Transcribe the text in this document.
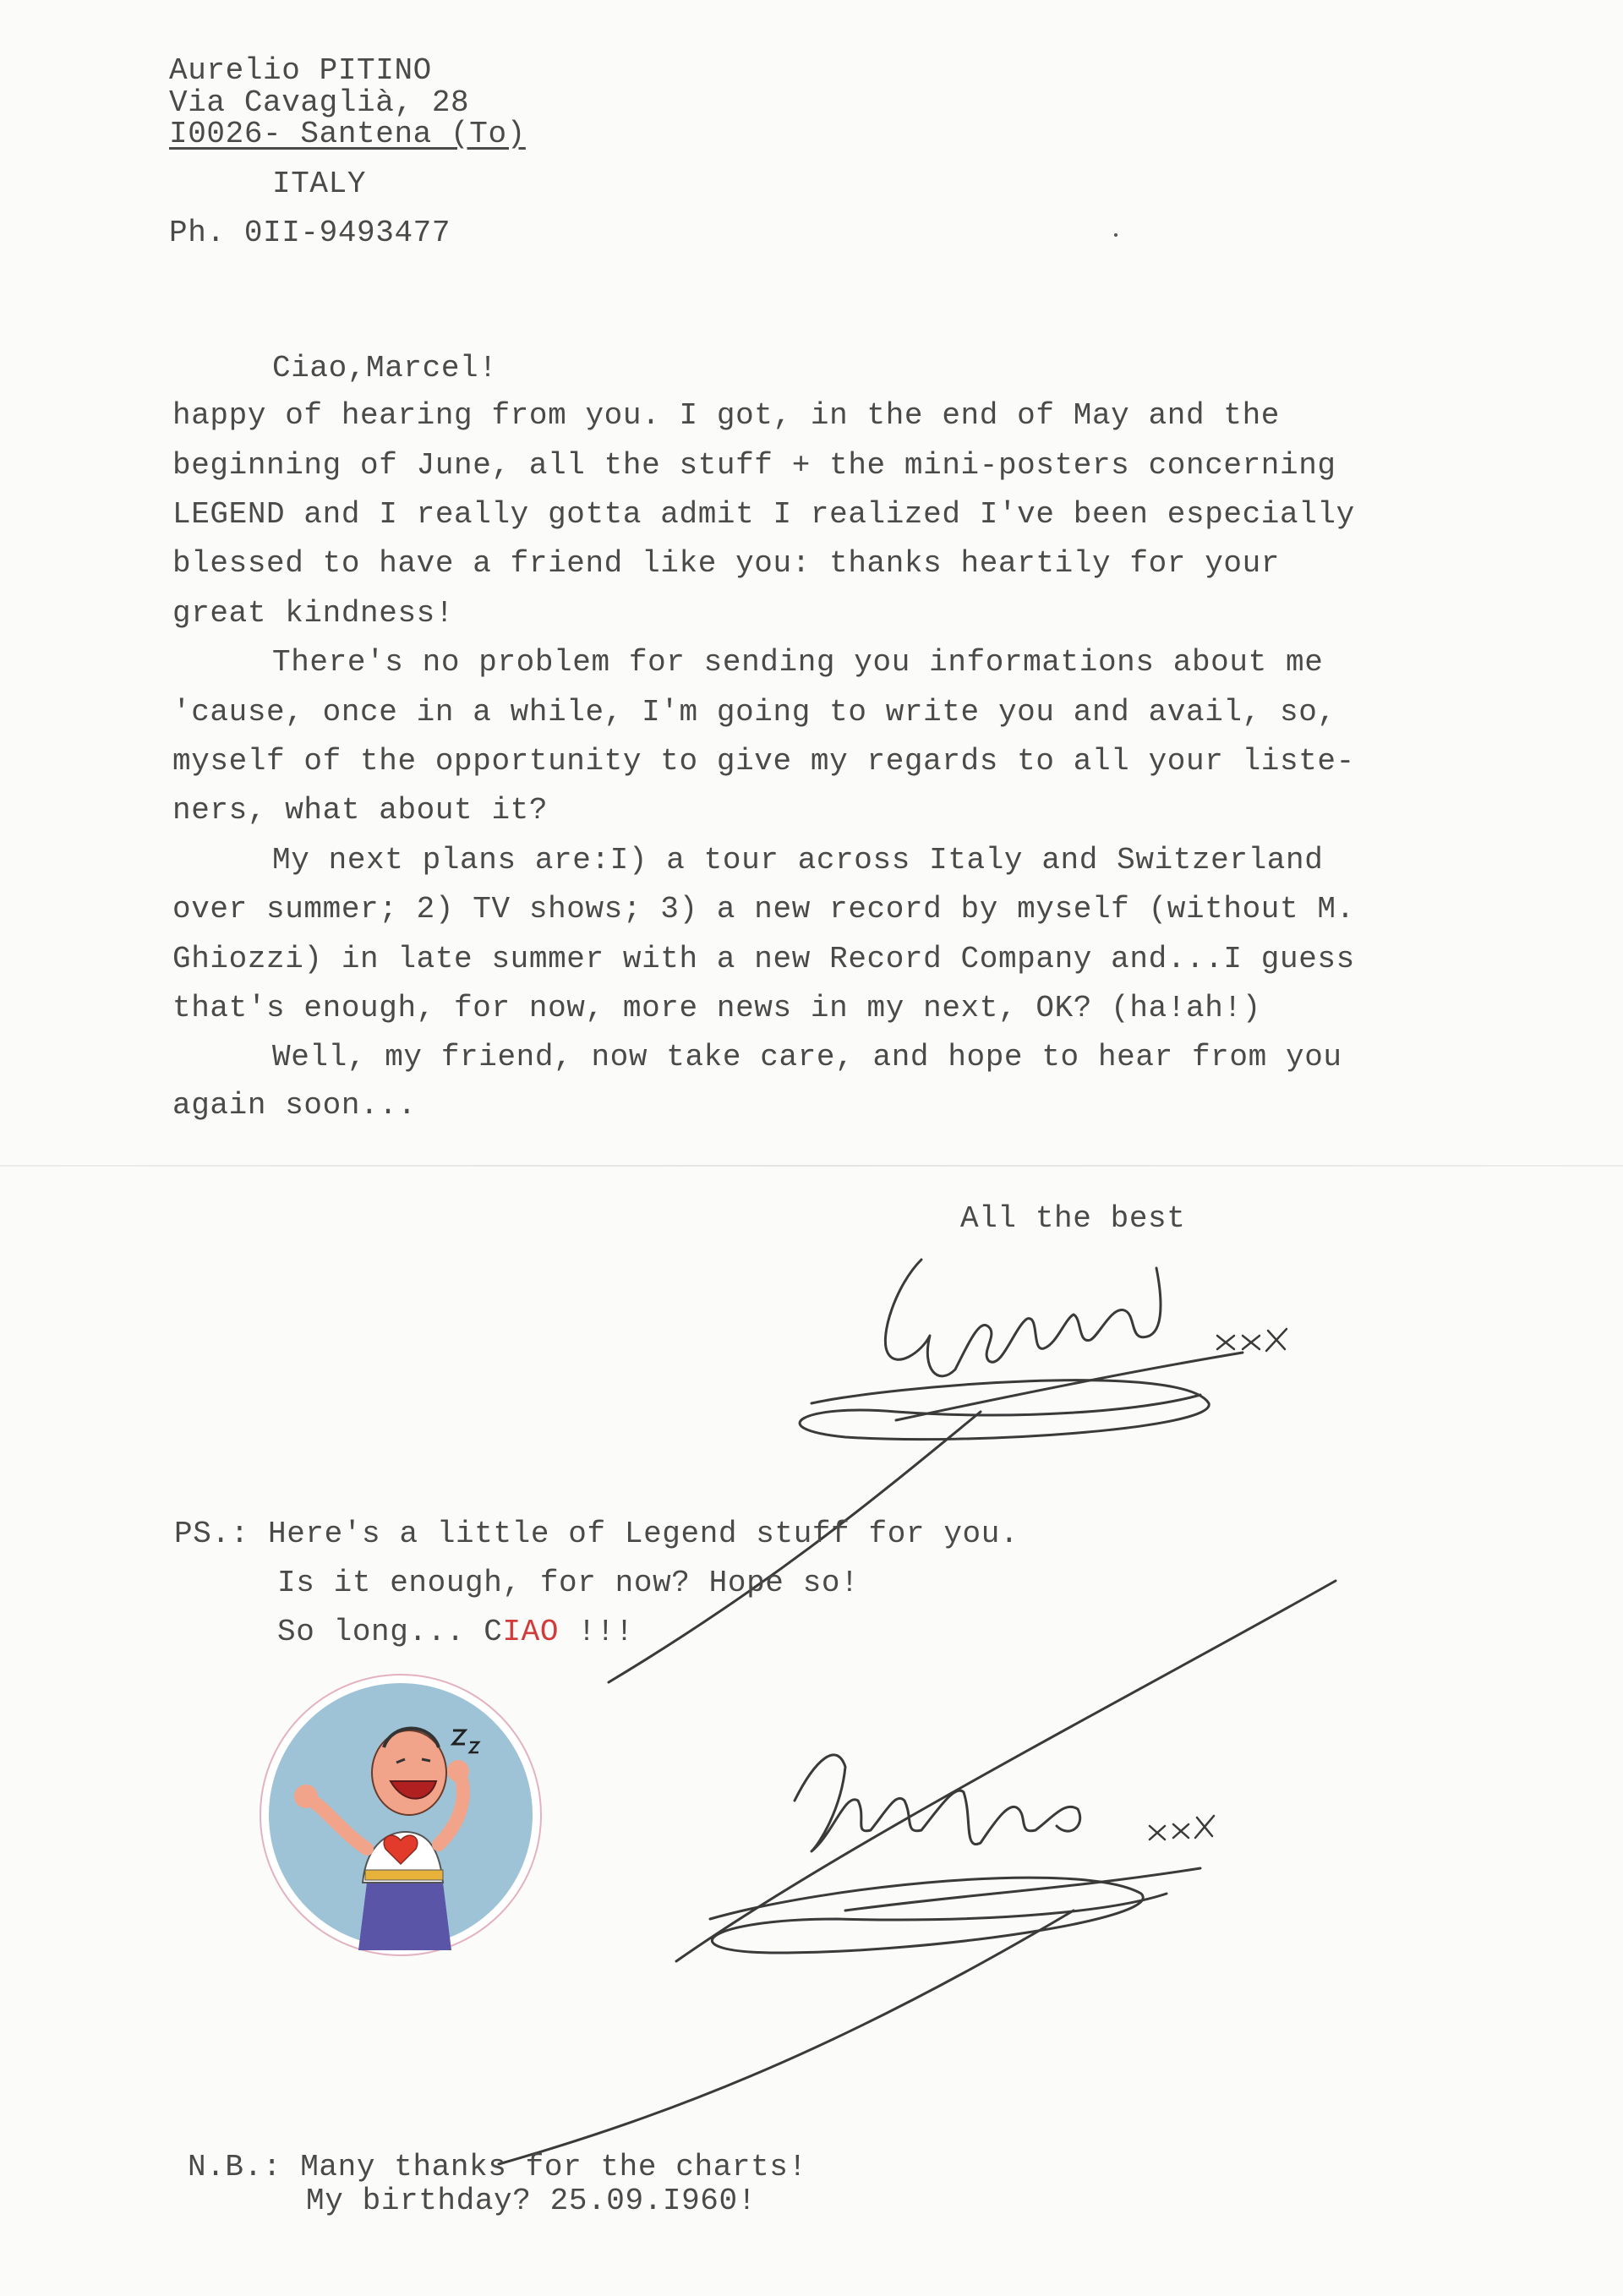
Aurelio PITINO
Via Cavaglià, 28
I0026- Santena (To)
ITALY
Ph. 0II-9493477
Ciao,Marcel!
happy of hearing from you. I got, in the end of May and the
beginning of June, all the stuff + the mini-posters concerning
LEGEND and I really gotta admit I realized I've been especially
blessed to have a friend like you: thanks heartily for your
great kindness!
There's no problem for sending you informations about me
'cause, once in a while, I'm going to write you and avail, so,
myself of the opportunity to give my regards to all your liste-
ners, what about it?
My next plans are:I) a tour across Italy and Switzerland
over summer; 2) TV shows; 3) a new record by myself (without M.
Ghiozzi) in late summer with a new Record Company and...I guess
that's enough, for now, more news in my next, OK? (ha!ah!)
Well, my friend, now take care, and hope to hear from you
again soon...
All the best
PS.: Here's a little of Legend stuff for you.
Is it enough, for now? Hope so!
So long... CIAO !!!
N.B.: Many thanks for the charts!
My birthday? 25.09.I960!
